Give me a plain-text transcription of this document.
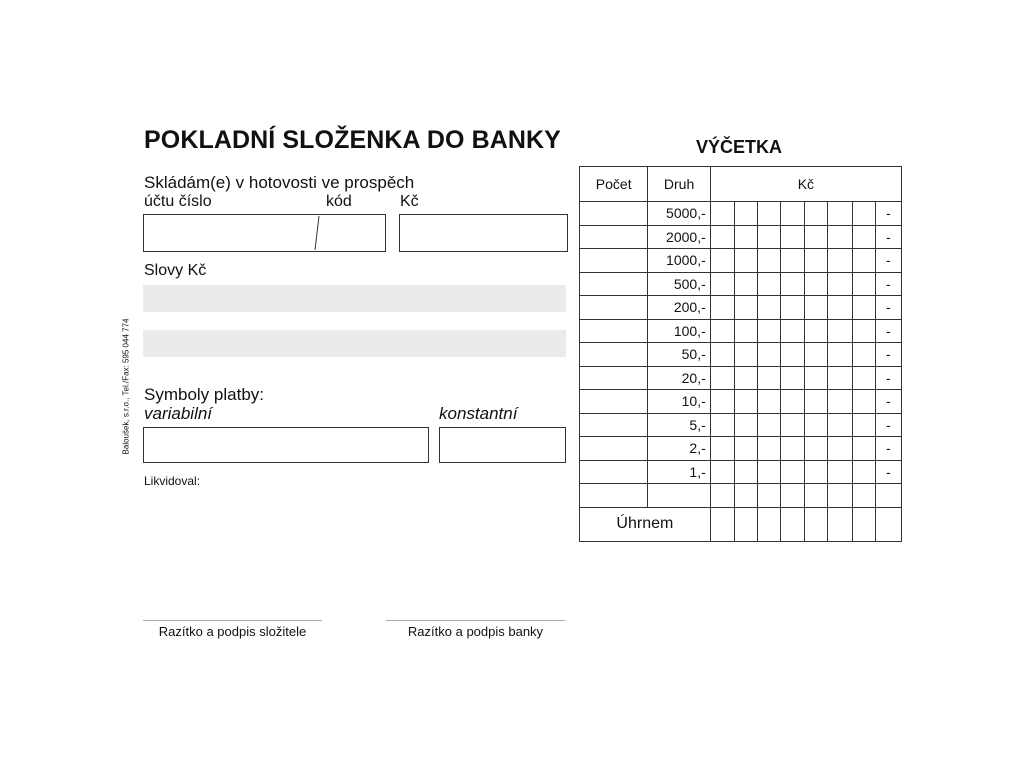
POKLADNÍ SLOŽENKA DO BANKY
Skládám(e) v hotovosti ve prospěch
účtu číslo	kód	Kč
Slovy Kč
Baloušek, s.r.o., Tel./Fax: 595 044 774 Symboly platby:
variabilní	konstantní
Likvidoval:
Razítko a podpis složitele	Razítko a podpis banky
VÝČETKA
Počet	Druh	Kč							
	5000,-								-
	2000,-								-
	1000,-								-
	500,-								-
	200,-								-
	100,-								-
	50,-								-
	20,-								-
	10,-								-
	5,-								-
	2,-								-
	1,-								-

Úhrnem									
